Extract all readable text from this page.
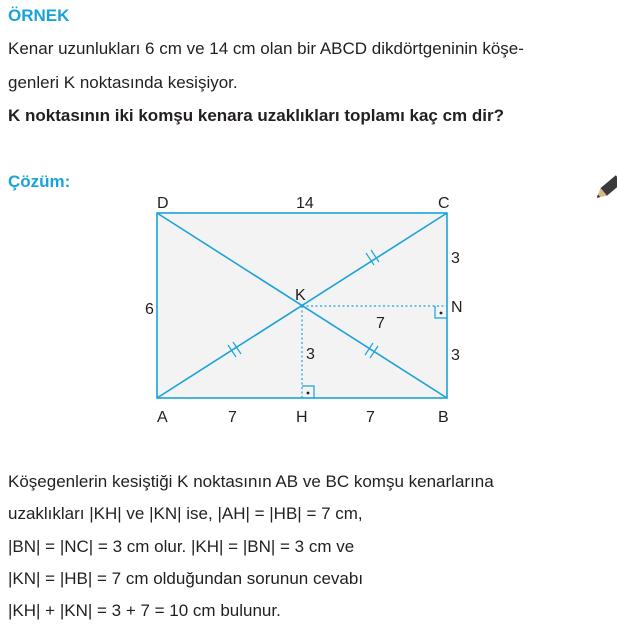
ÖRNEK
Kenar uzunlukları 6 cm ve 14 cm olan bir ABCD dikdörtgeninin köşe-
genleri K noktasında kesişiyor.
K noktasının iki komşu kenara uzaklıkları toplamı kaç cm dir?
Çözüm:
D	14	C
6
K
N
3
3
7
3
A	7	H	7	B
Köşegenlerin kesiştiği K noktasının AB ve BC komşu kenarlarına
uzaklıkları |KH| ve |KN| ise, |AH| = |HB| = 7 cm,
|BN| = |NC| = 3 cm olur. |KH| = |BN| = 3 cm ve
|KN| = |HB| = 7 cm olduğundan sorunun cevabı
|KH| + |KN| = 3 + 7 = 10 cm bulunur.
